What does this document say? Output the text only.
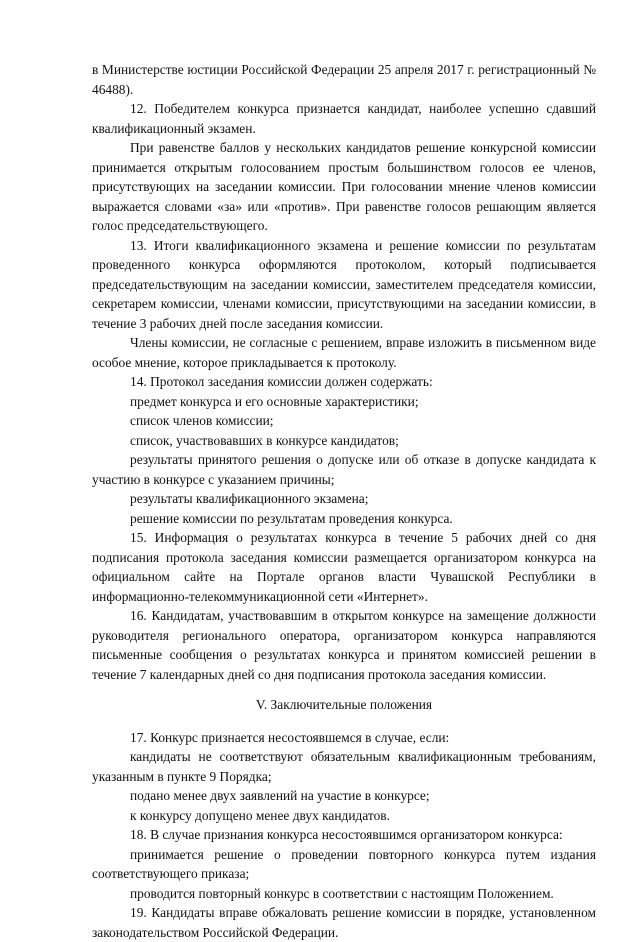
в Министерстве юстиции Российской Федерации 25 апреля 2017 г. регистрационный № 46488).

12. Победителем конкурса признается кандидат, наиболее успешно сдавший квалификационный экзамен.

При равенстве баллов у нескольких кандидатов решение конкурсной комиссии принимается открытым голосованием простым большинством голосов ее членов, присутствующих на заседании комиссии. При голосовании мнение членов комиссии выражается словами «за» или «против». При равенстве голосов решающим является голос председательствующего.

13. Итоги квалификационного экзамена и решение комиссии по результатам проведенного конкурса оформляются протоколом, который подписывается председательствующим на заседании комиссии, заместителем председателя комиссии, секретарем комиссии, членами комиссии, присутствующими на заседании комиссии, в течение 3 рабочих дней после заседания комиссии.

Члены комиссии, не согласные с решением, вправе изложить в письменном виде особое мнение, которое прикладывается к протоколу.

14. Протокол заседания комиссии должен содержать:

предмет конкурса и его основные характеристики;

список членов комиссии;

список, участвовавших в конкурсе кандидатов;

результаты принятого решения о допуске или об отказе в допуске кандидата к участию в конкурсе с указанием причины;

результаты квалификационного экзамена;

решение комиссии по результатам проведения конкурса.

15. Информация о результатах конкурса в течение 5 рабочих дней со дня подписания протокола заседания комиссии размещается организатором конкурса на официальном сайте на Портале органов власти Чувашской Республики в информационно-телекоммуникационной сети «Интернет».

16. Кандидатам, участвовавшим в открытом конкурсе на замещение должности руководителя регионального оператора, организатором конкурса направляются письменные сообщения о результатах конкурса и принятом комиссией решении в течение 7 календарных дней со дня подписания протокола заседания комиссии.

V. Заключительные положения

17. Конкурс признается несостоявшемся в случае, если:

кандидаты не соответствуют обязательным квалификационным требованиям, указанным в пункте 9 Порядка;

подано менее двух заявлений на участие в конкурсе;

к конкурсу допущено менее двух кандидатов.

18. В случае признания конкурса несостоявшимся организатором конкурса:

принимается решение о проведении повторного конкурса путем издания соответствующего приказа;

проводится повторный конкурс в соответствии с настоящим Положением.

19. Кандидаты вправе обжаловать решение комиссии в порядке, установленном законодательством Российской Федерации.
